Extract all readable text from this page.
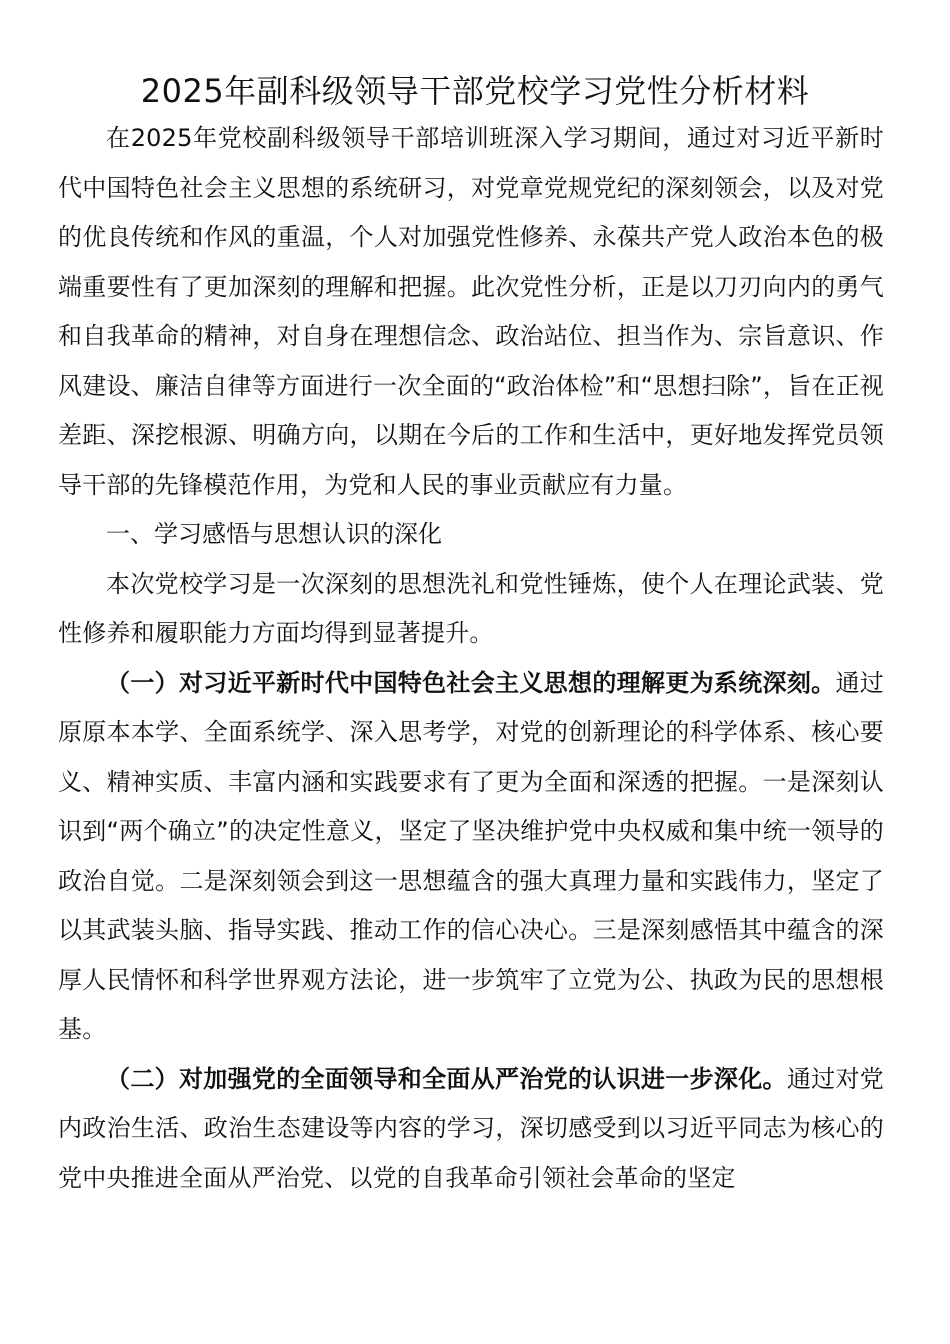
2025年副科级领导干部党校学习党性分析材料

在2025年党校副科级领导干部培训班深入学习期间，通过对习近平新时代中国特色社会主义思想的系统研习，对党章党规党纪的深刻领会，以及对党的优良传统和作风的重温，个人对加强党性修养、永葆共产党人政治本色的极端重要性有了更加深刻的理解和把握。此次党性分析，正是以刀刃向内的勇气和自我革命的精神，对自身在理想信念、政治站位、担当作为、宗旨意识、作风建设、廉洁自律等方面进行一次全面的“政治体检”和“思想扫除”，旨在正视差距、深挖根源、明确方向，以期在今后的工作和生活中，更好地发挥党员领导干部的先锋模范作用，为党和人民的事业贡献应有力量。

一、学习感悟与思想认识的深化

本次党校学习是一次深刻的思想洗礼和党性锤炼，使个人在理论武装、党性修养和履职能力方面均得到显著提升。

（一）对习近平新时代中国特色社会主义思想的理解更为系统深刻。通过原原本本学、全面系统学、深入思考学，对党的创新理论的科学体系、核心要义、精神实质、丰富内涵和实践要求有了更为全面和深透的把握。一是深刻认识到“两个确立”的决定性意义，坚定了坚决维护党中央权威和集中统一领导的政治自觉。二是深刻领会到这一思想蕴含的强大真理力量和实践伟力，坚定了以其武装头脑、指导实践、推动工作的信心决心。三是深刻感悟其中蕴含的深厚人民情怀和科学世界观方法论，进一步筑牢了立党为公、执政为民的思想根基。

（二）对加强党的全面领导和全面从严治党的认识进一步深化。通过对党内政治生活、政治生态建设等内容的学习，深切感受到以习近平同志为核心的党中央推进全面从严治党、以党的自我革命引领社会革命的坚定
